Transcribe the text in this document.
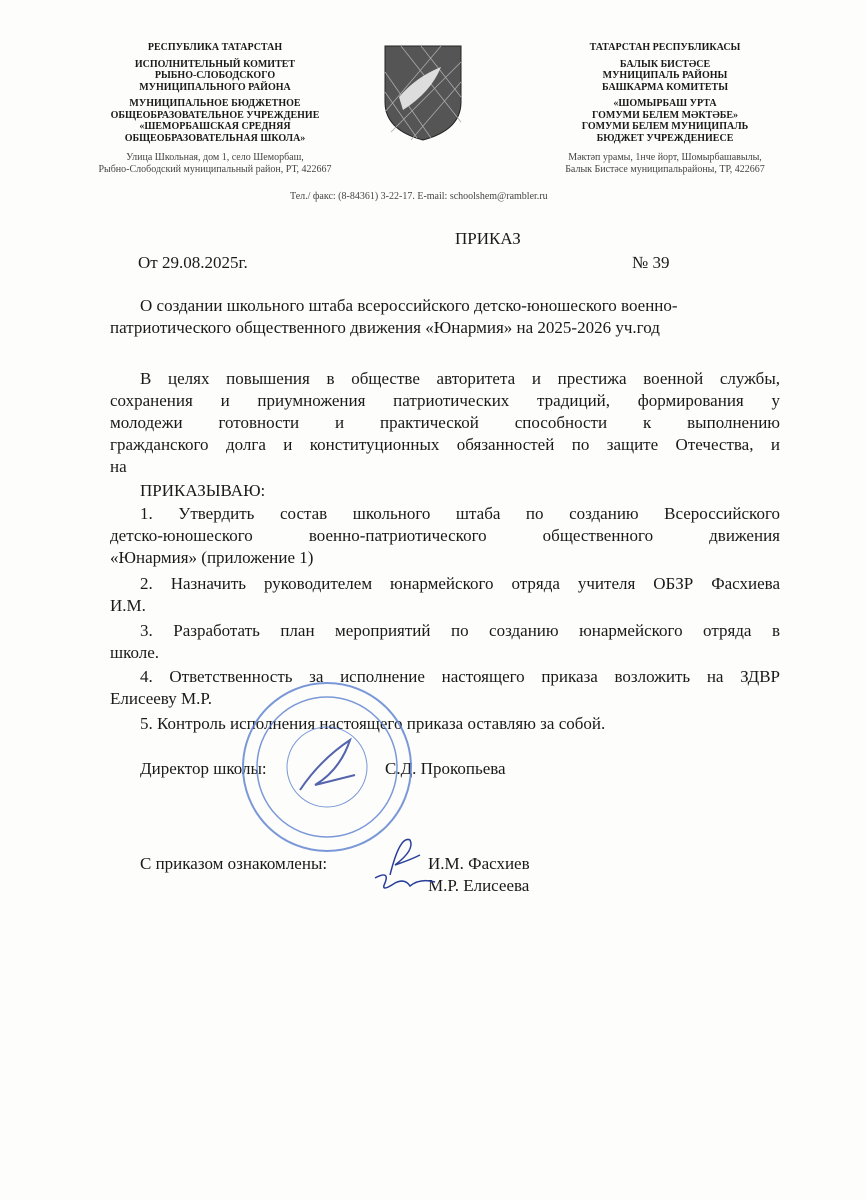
РЕСПУБЛИКА ТАТАРСТАН

ИСПОЛНИТЕЛЬНЫЙ КОМИТЕТ
РЫБНО-СЛОБОДСКОГО
МУНИЦИПАЛЬНОГО РАЙОНА

МУНИЦИПАЛЬНОЕ БЮДЖЕТНОЕ
ОБЩЕОБРАЗОВАТЕЛЬНОЕ УЧРЕЖДЕНИЕ
«ШЕМОРБАШСКАЯ СРЕДНЯЯ
ОБЩЕОБРАЗОВАТЕЛЬНАЯ ШКОЛА»

Улица Школьная, дом 1, село Шеморбаш,
Рыбно-Слободский муниципальный район, РТ, 422667

ТАТАРСТАН РЕСПУБЛИКАСЫ

БАЛЫК БИСТӘСЕ
МУНИЦИПАЛЬ РАЙОНЫ
БАШКАРМА КОМИТЕТЫ

«ШОМЫРБАШ УРТА
ГОМУМИ БЕЛЕМ МӘКТӘБЕ»
ГОМУМИ БЕЛЕМ МУНИЦИПАЛЬ
БЮДЖЕТ УЧРЕЖДЕНИЕСЕ

Мәктәп урамы, 1нче йорт, Шомырбашавылы,
Балык Бистәсе муниципальрайоны, ТР, 422667

Тел./ факс: (8-84361) 3-22-17. E-mail: schoolshem@rambler.ru
ПРИКАЗ
От 29.08.2025г.	№ 39
О создании школьного штаба всероссийского детско-юношеского военно-
патриотического общественного движения «Юнармия» на 2025-2026 уч.год
В целях повышения в обществе авторитета и престижа военной службы,
сохранения и приумножения патриотических традиций, формирования у
молодежи готовности и практической способности к выполнению
гражданского долга и конституционных обязанностей по защите Отечества, и
на
ПРИКАЗЫВАЮ:
1. Утвердить состав школьного штаба по созданию Всероссийского
детско-юношеского военно-патриотического общественного движения
«Юнармия» (приложение 1)
2. Назначить руководителем юнармейского отряда учителя ОБЗР Фасхиева
И.М.
3. Разработать план мероприятий по созданию юнармейского отряда в
школе.
4. Ответственность за исполнение настоящего приказа возложить на ЗДВР
Елисееву М.Р.
5. Контроль исполнения настоящего приказа оставляю за собой.
Директор школы:	С.Д. Прокопьева
С приказом ознакомлены:	И.М. Фасхиев
М.Р. Елисеева
